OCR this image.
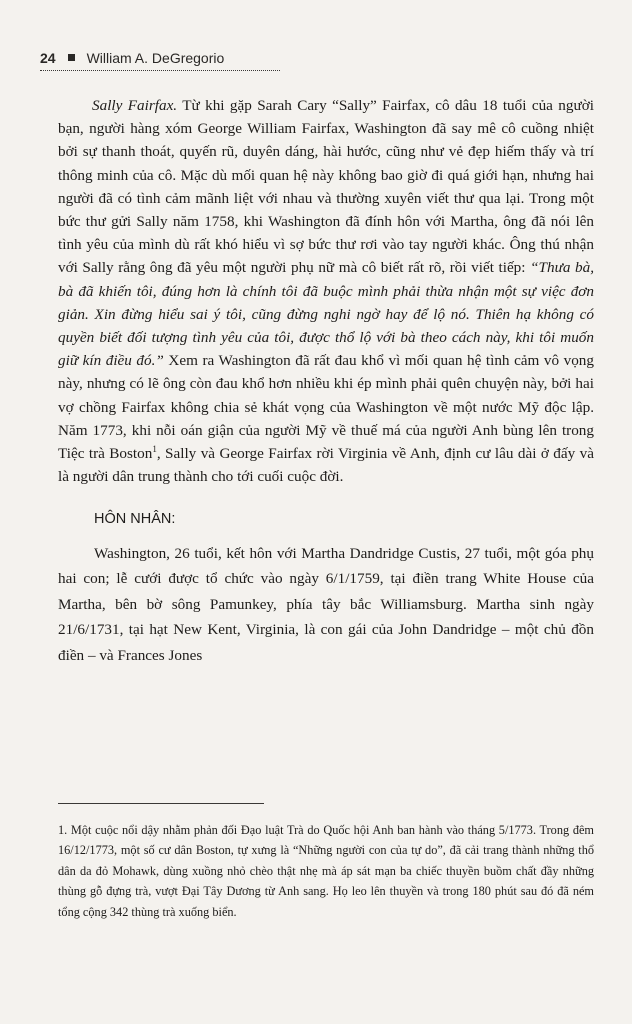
24 William A. DeGregorio

Sally Fairfax. Từ khi gặp Sarah Cary “Sally” Fairfax, cô dâu 18 tuổi của người bạn, người hàng xóm George William Fairfax, Washington đã say mê cô cuồng nhiệt bởi sự thanh thoát, quyến rũ, duyên dáng, hài hước, cũng như vẻ đẹp hiếm thấy và trí thông minh của cô. Mặc dù mối quan hệ này không bao giờ đi quá giới hạn, nhưng hai người đã có tình cảm mãnh liệt với nhau và thường xuyên viết thư qua lại. Trong một bức thư gửi Sally năm 1758, khi Washington đã đính hôn với Martha, ông đã nói lên tình yêu của mình dù rất khó hiểu vì sợ bức thư rơi vào tay người khác. Ông thú nhận với Sally rằng ông đã yêu một người phụ nữ mà cô biết rất rõ, rồi viết tiếp: “Thưa bà, bà đã khiến tôi, đúng hơn là chính tôi đã buộc mình phải thừa nhận một sự việc đơn giản. Xin đừng hiểu sai ý tôi, cũng đừng nghi ngờ hay để lộ nó. Thiên hạ không có quyền biết đối tượng tình yêu của tôi, được thổ lộ với bà theo cách này, khi tôi muốn giữ kín điều đó.” Xem ra Washington đã rất đau khổ vì mối quan hệ tình cảm vô vọng này, nhưng có lẽ ông còn đau khổ hơn nhiều khi ép mình phải quên chuyện này, bởi hai vợ chồng Fairfax không chia sẻ khát vọng của Washington về một nước Mỹ độc lập. Năm 1773, khi nỗi oán giận của người Mỹ về thuế má của người Anh bùng lên trong Tiệc trà Boston$^1$, Sally và George Fairfax rời Virginia về Anh, định cư lâu dài ở đấy và là người dân trung thành cho tới cuối cuộc đời.

HÔN NHÂN:

Washington, 26 tuổi, kết hôn với Martha Dandridge Custis, 27 tuổi, một góa phụ hai con; lễ cưới được tổ chức vào ngày 6/1/1759, tại điền trang White House của Martha, bên bờ sông Pamunkey, phía tây bắc Williamsburg. Martha sinh ngày 21/6/1731, tại hạt New Kent, Virginia, là con gái của John Dandridge – một chủ đồn điền – và Frances Jones

1. Một cuộc nổi dậy nhằm phản đối Đạo luật Trà do Quốc hội Anh ban hành vào tháng 5/1773. Trong đêm 16/12/1773, một số cư dân Boston, tự xưng là “Những người con của tự do”, đã cải trang thành những thổ dân da đỏ Mohawk, dùng xuồng nhỏ chèo thật nhẹ mà áp sát mạn ba chiếc thuyền buồm chất đầy những thùng gỗ đựng trà, vượt Đại Tây Dương từ Anh sang. Họ leo lên thuyền và trong 180 phút sau đó đã ném tổng cộng 342 thùng trà xuống biển.
